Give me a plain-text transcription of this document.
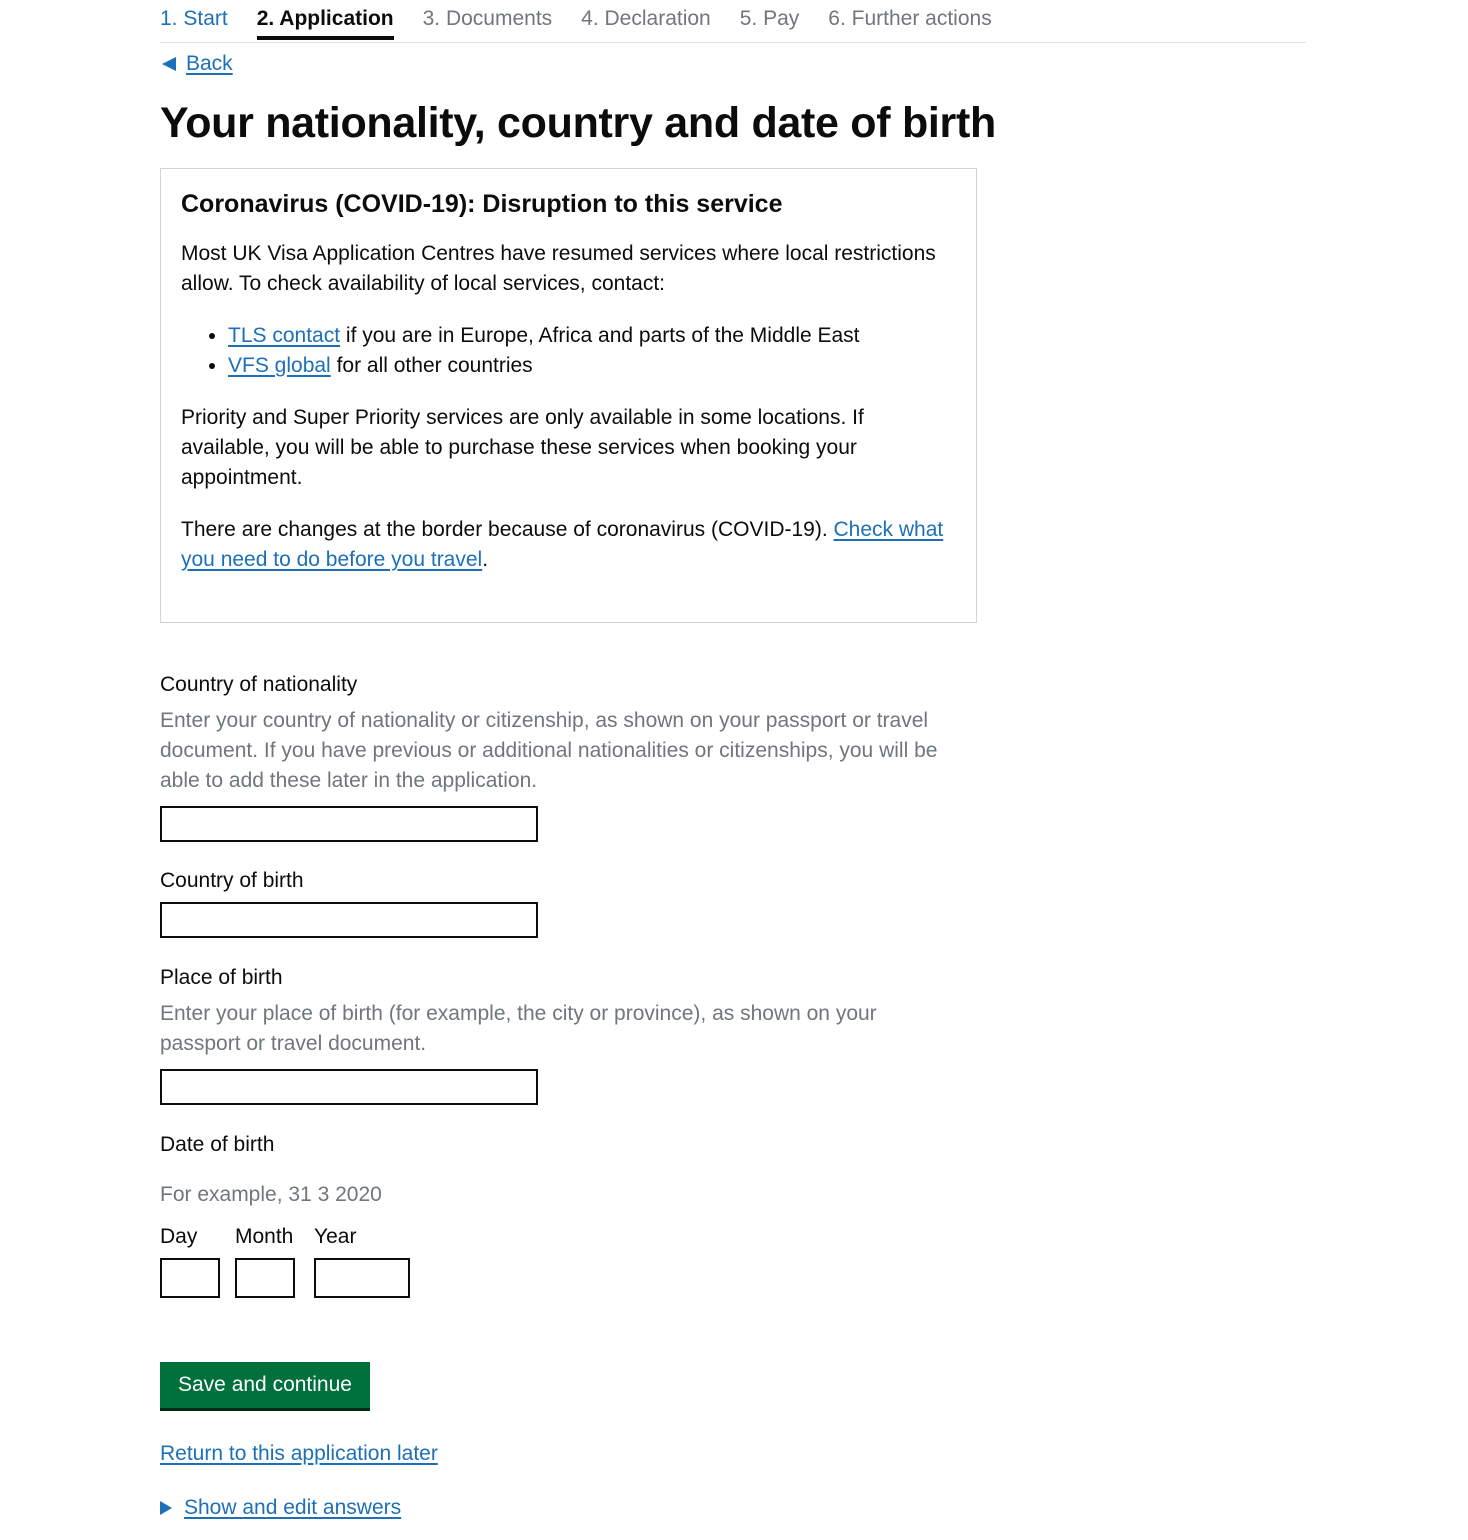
1. Start 2. Application 3. Documents 4. Declaration 5. Pay 6. Further actions
Back
Your nationality, country and date of birth
Coronavirus (COVID-19): Disruption to this service

Most UK Visa Application Centres have resumed services where local restrictions allow. To check availability of local services, contact:

• TLS contact if you are in Europe, Africa and parts of the Middle East
• VFS global for all other countries

Priority and Super Priority services are only available in some locations. If available, you will be able to purchase these services when booking your appointment.

There are changes at the border because of coronavirus (COVID-19). Check what you need to do before you travel.

Country of nationality
Enter your country of nationality or citizenship, as shown on your passport or travel document. If you have previous or additional nationalities or citizenships, you will be able to add these later in the application.
Country of birth
Place of birth
Enter your place of birth (for example, the city or province), as shown on your passport or travel document.
Date of birth
For example, 31 3 2020
Day	Month Year
Save and continue
Return to this application later
Show and edit answers
